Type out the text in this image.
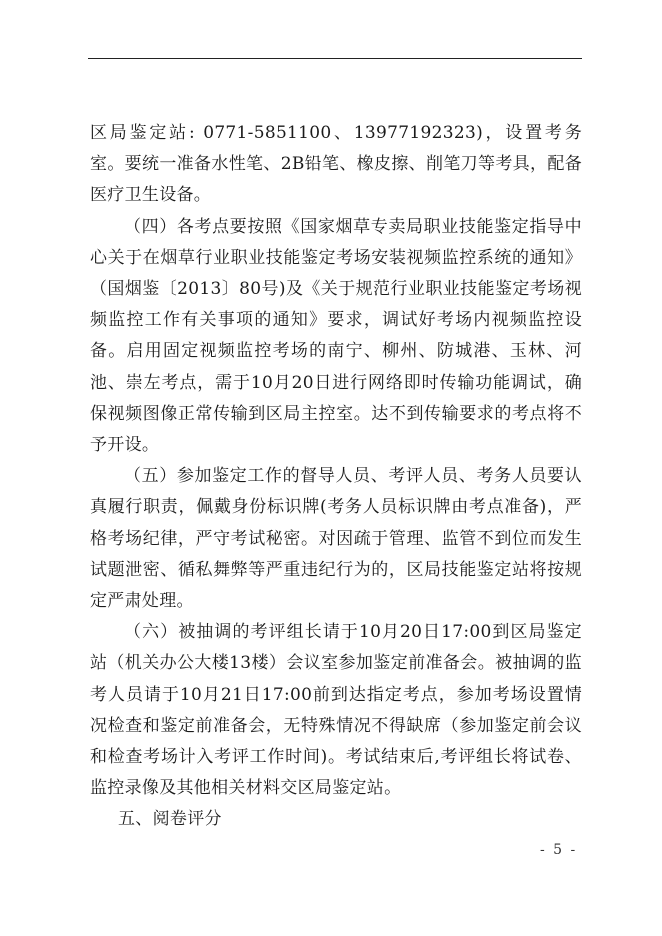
区局鉴定站: 0771-5851100、13977192323)，设置考务室。要统一准备水性笔、2B铅笔、橡皮擦、削笔刀等考具，配备医疗卫生设备。

（四）各考点要按照《国家烟草专卖局职业技能鉴定指导中心关于在烟草行业职业技能鉴定考场安装视频监控系统的通知》（国烟鉴〔2013〕80号)及《关于规范行业职业技能鉴定考场视频监控工作有关事项的通知》要求，调试好考场内视频监控设备。启用固定视频监控考场的南宁、柳州、防城港、玉林、河池、崇左考点，需于10月20日进行网络即时传输功能调试，确保视频图像正常传输到区局主控室。达不到传输要求的考点将不予开设。

（五）参加鉴定工作的督导人员、考评人员、考务人员要认真履行职责，佩戴身份标识牌(考务人员标识牌由考点准备)，严格考场纪律，严守考试秘密。对因疏于管理、监管不到位而发生试题泄密、循私舞弊等严重违纪行为的，区局技能鉴定站将按规定严肃处理。

（六）被抽调的考评组长请于10月20日17:00到区局鉴定站（机关办公大楼13楼）会议室参加鉴定前准备会。被抽调的监考人员请于10月21日17:00前到达指定考点，参加考场设置情况检查和鉴定前准备会，无特殊情况不得缺席（参加鉴定前会议和检查考场计入考评工作时间)。考试结束后,考评组长将试卷、监控录像及其他相关材料交区局鉴定站。

五、阅卷评分

- 5 -
